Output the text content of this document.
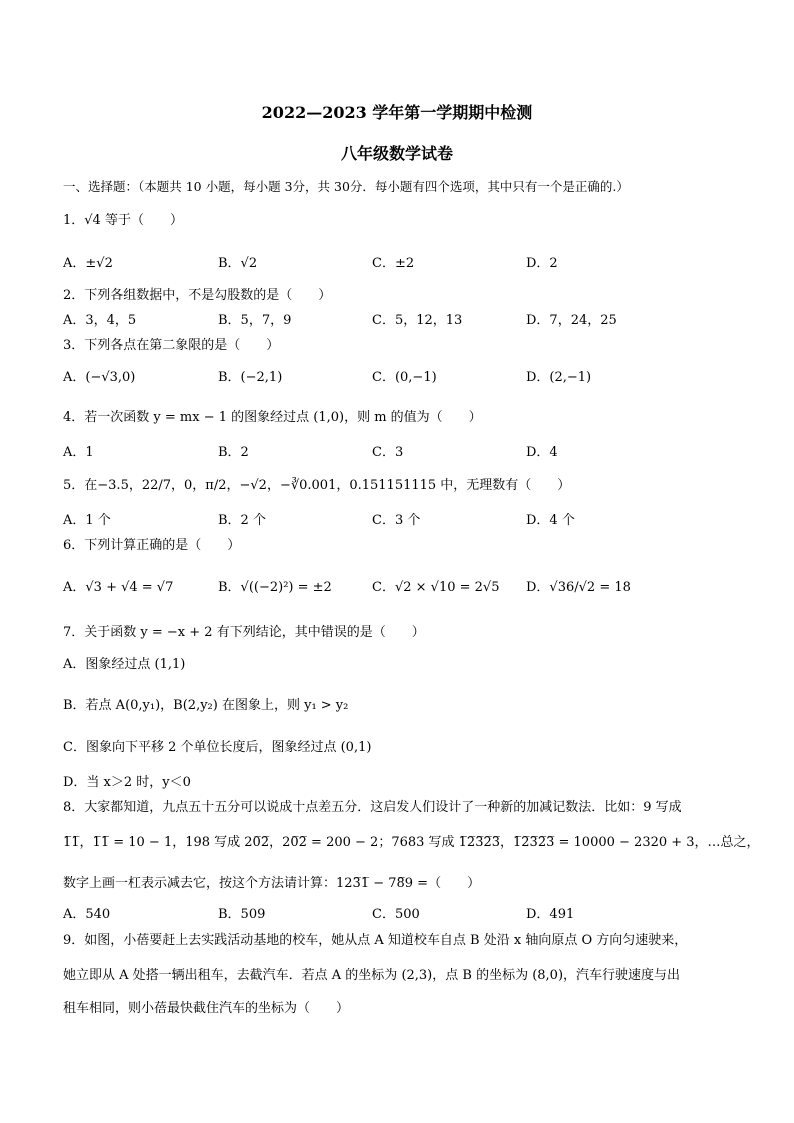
2022—2023 学年第一学期期中检测
八年级数学试卷
一、选择题：（本题共 10 小题，每小题 3分，共 30分．每小题有四个选项，其中只有一个是正确的.）
1．√4 等于（　　）
A．±√2	B．√2	C．±2	D．2
2．下列各组数据中，不是勾股数的是（　　）
A．3，4，5	B．5，7，9	C．5，12，13	D．7，24，25
3．下列各点在第二象限的是（　　）
A．(−√3,0)	B．(−2,1)	C．(0,−1)	D．(2,−1)
4．若一次函数 y = mx − 1 的图象经过点 (1,0)，则 m 的值为（　　）
A．1	B．2	C．3	D．4
5．在−3.5，22/7，0，π/2，−√2，−∛0.001，0.151151115 中，无理数有（　　）
A．1 个	B．2 个	C．3 个	D．4 个
6．下列计算正确的是（　　）
A．√3 + √4 = √7	B．√((−2)²) = ±2	C．√2 × √10 = 2√5 D．√36/√2 = 18
7．关于函数 y = −x + 2 有下列结论，其中错误的是（　　）
A．图象经过点 (1,1)
B．若点 A(0,y₁)，B(2,y₂) 在图象上，则 y₁ > y₂
C．图象向下平移 2 个单位长度后，图象经过点 (0,1)
D．当 x＞2 时，y＜0
8．大家都知道，九点五十五分可以说成十点差五分．这启发人们设计了一种新的加减记数法．比如：9 写成
1̅1̅，1̅1̅ = 10 − 1，198 写成 20̅2̅，20̅2̅ = 200 − 2；7683 写成 1̅2̅3̅2̅3̅，1̅2̅3̅2̅3̅ = 10000 − 2320 + 3，…总之，
数字上画一杠表示减去它，按这个方法请计算：123̅1̅ − 78̅9 =（　　）
A．540	B．509	C．500	D．491
9．如图，小蓓要赶上去实践活动基地的校车，她从点 A 知道校车自点 B 处沿 x 轴向原点 O 方向匀速驶来，
她立即从 A 处搭一辆出租车，去截汽车．若点 A 的坐标为 (2,3)，点 B 的坐标为 (8,0)，汽车行驶速度与出
租车相同，则小蓓最快截住汽车的坐标为（　　）
